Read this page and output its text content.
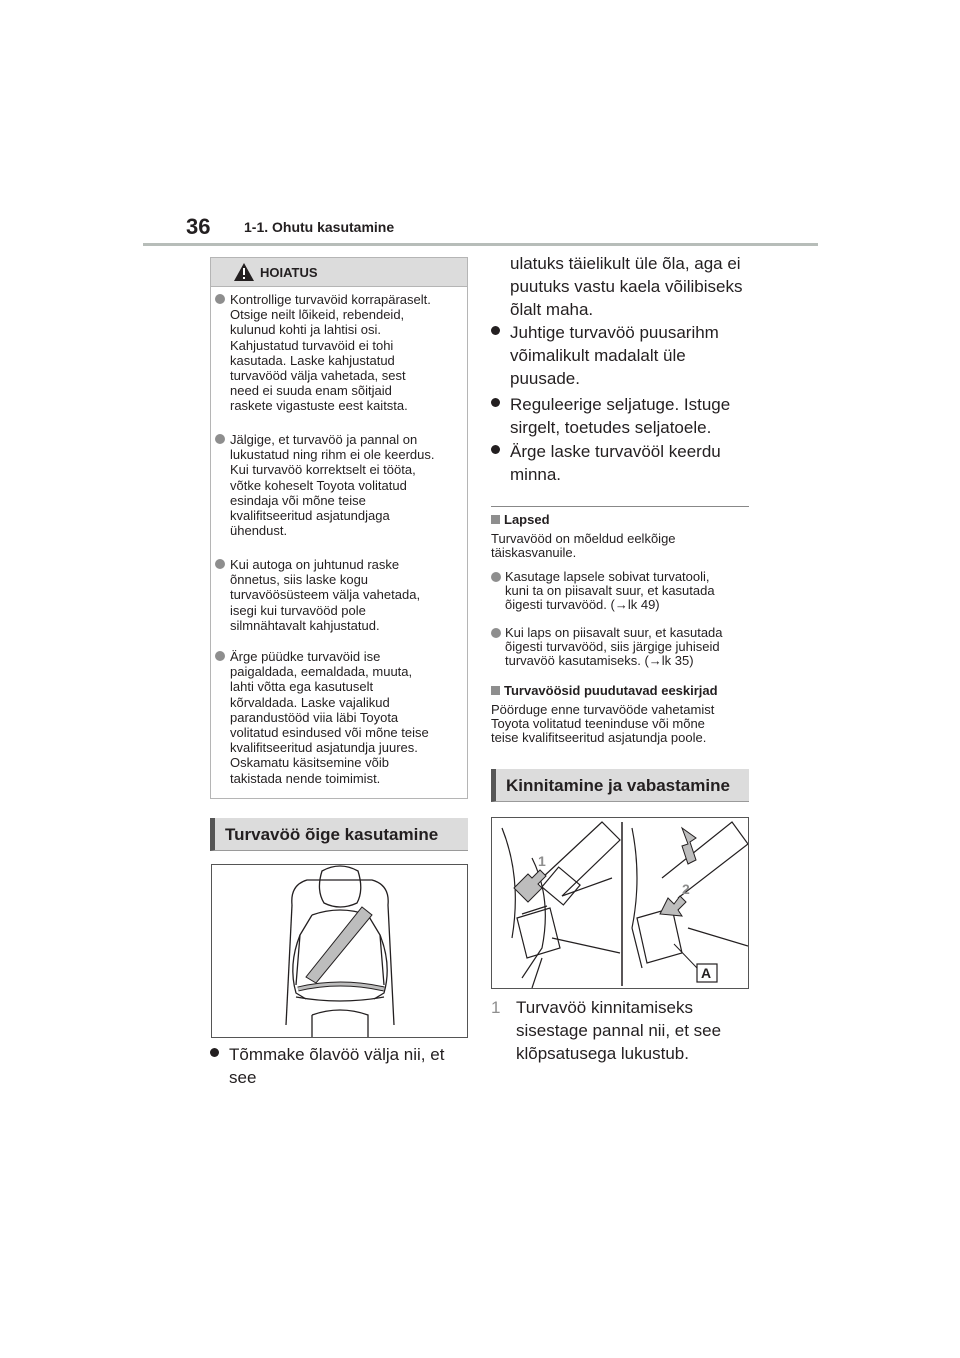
36 1-1. Ohutu kasutamine
HOIATUS
Kontrollige turvavöid korrapäraselt.
Otsige neilt lõikeid, rebendeid,
kulunud kohti ja lahtisi osi.
Kahjustatud turvavöid ei tohi
kasutada. Laske kahjustatud
turvavööd välja vahetada, sest
need ei suuda enam sõitjaid
raskete vigastuste eest kaitsta.
Jälgige, et turvavöö ja pannal on
lukustatud ning rihm ei ole keerdus.
Kui turvavöö korrektselt ei tööta,
võtke koheselt Toyota volitatud
esindaja või mõne teise
kvalifitseeritud asjatundjaga
ühendust.
Kui autoga on juhtunud raske
õnnetus, siis laske kogu
turvavöösüsteem välja vahetada,
isegi kui turvavööd pole
silmnähtavalt kahjustatud.
Ärge püüdke turvavöid ise
paigaldada, eemaldada, muuta,
lahti võtta ega kasutuselt
kõrvaldada. Laske vajalikud
parandustööd viia läbi Toyota
volitatud esindused või mõne teise
kvalifitseeritud asjatundja juures.
Oskamatu käsitsemine võib
takistada nende toimimist.
Turvavöö õige kasutamine
Tõmmake õlavöö välja nii, et see
ulatuks täielikult üle õla, aga ei
puutuks vastu kaela võilibiseks
õlalt maha.
Juhtige turvavöö puusarihm
võimalikult madalalt üle
puusade.
Reguleerige seljatuge. Istuge
sirgelt, toetudes seljatoele.
Ärge laske turvavööl keerdu
minna.
Lapsed
Turvavööd on mõeldud eelkõige
täiskasvanuile.
Kasutage lapsele sobivat turvatooli,
kuni ta on piisavalt suur, et kasutada
õigesti turvavööd. (→lk 49)
Kui laps on piisavalt suur, et kasutada
õigesti turvavööd, siis järgige juhiseid
turvavöö kasutamiseks. (→lk 35)
Turvavöösid puudutavad eeskirjad
Pöörduge enne turvavööde vahetamist
Toyota volitatud teeninduse või mõne
teise kvalifitseeritud asjatundja poole.
Kinnitamine ja vabastamine
1
2
A
1 Turvavöö kinnitamiseks
sisestage pannal nii, et see
klõpsatusega lukustub.
